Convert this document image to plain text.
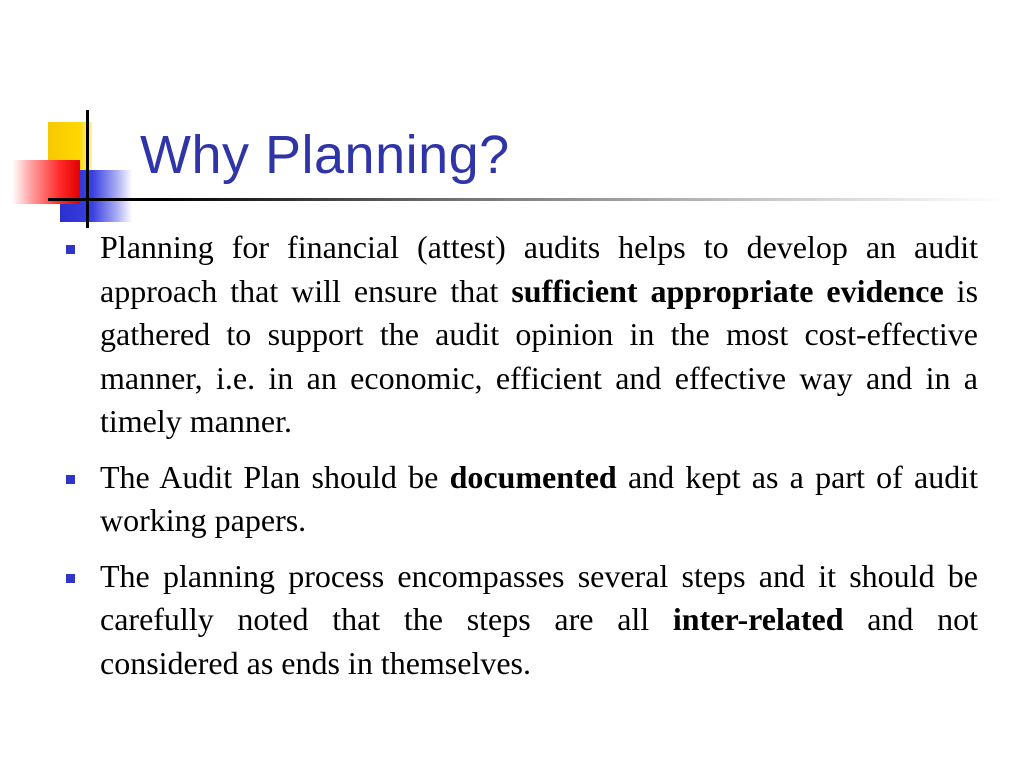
Why Planning?
Planning for financial (attest) audits helps to develop an audit approach that will ensure that sufficient appropriate evidence is gathered to support the audit opinion in the most cost-effective manner, i.e. in an economic, efficient and effective way and in a timely manner.
The Audit Plan should be documented and kept as a part of audit working papers.
The planning process encompasses several steps and it should be carefully noted that the steps are all inter-related and not considered as ends in themselves.
